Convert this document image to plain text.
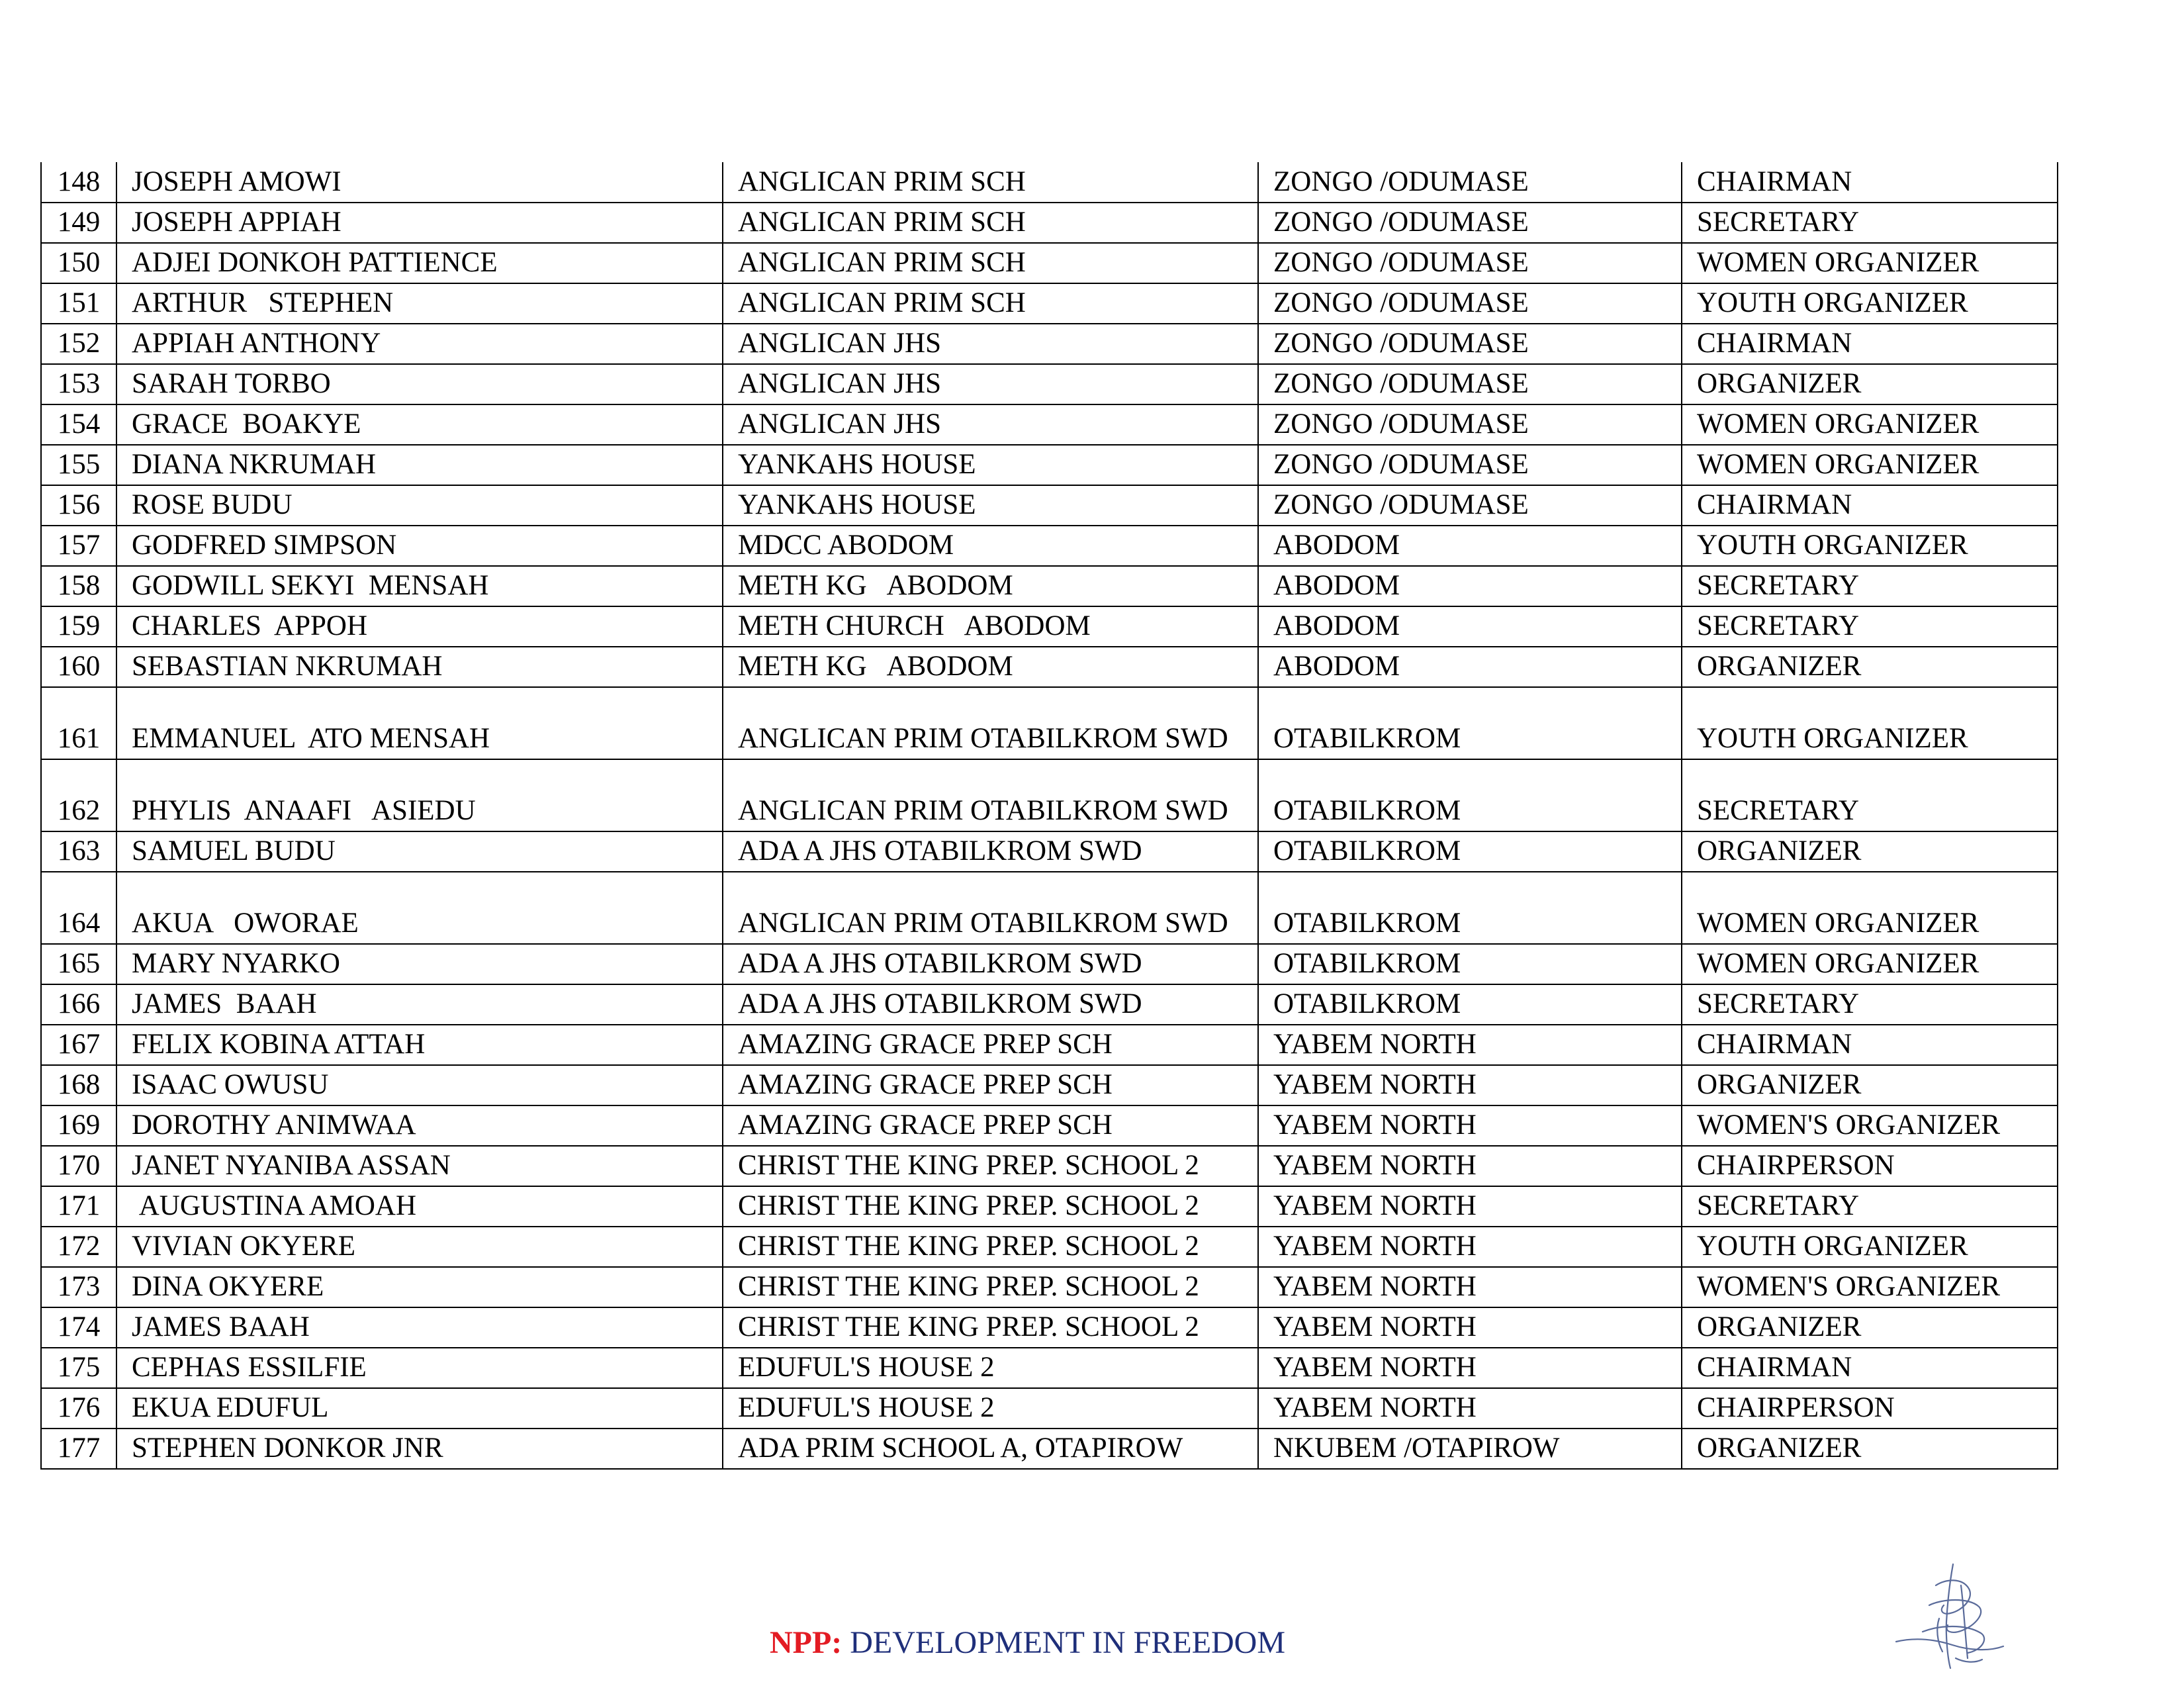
148	JOSEPH AMOWI	ANGLICAN PRIM SCH	ZONGO /ODUMASE	CHAIRMAN
149	JOSEPH APPIAH	ANGLICAN PRIM SCH	ZONGO /ODUMASE	SECRETARY
150	ADJEI DONKOH PATTIENCE	ANGLICAN PRIM SCH	ZONGO /ODUMASE	WOMEN ORGANIZER
151	ARTHUR   STEPHEN	ANGLICAN PRIM SCH	ZONGO /ODUMASE	YOUTH ORGANIZER
152	APPIAH ANTHONY	ANGLICAN JHS	ZONGO /ODUMASE	CHAIRMAN
153	SARAH TORBO	ANGLICAN JHS	ZONGO /ODUMASE	ORGANIZER
154	GRACE  BOAKYE	ANGLICAN JHS	ZONGO /ODUMASE	WOMEN ORGANIZER
155	DIANA NKRUMAH	YANKAHS HOUSE	ZONGO /ODUMASE	WOMEN ORGANIZER
156	ROSE BUDU	YANKAHS HOUSE	ZONGO /ODUMASE	CHAIRMAN
157	GODFRED SIMPSON	MDCC ABODOM	ABODOM	YOUTH ORGANIZER
158	GODWILL SEKYI  MENSAH	METH KG   ABODOM	ABODOM	SECRETARY
159	CHARLES  APPOH	METH CHURCH   ABODOM	ABODOM	SECRETARY
160	SEBASTIAN NKRUMAH	METH KG   ABODOM	ABODOM	ORGANIZER
161	EMMANUEL  ATO MENSAH	ANGLICAN PRIM OTABILKROM SWD	OTABILKROM	YOUTH ORGANIZER
162	PHYLIS  ANAAFI   ASIEDU	ANGLICAN PRIM OTABILKROM SWD	OTABILKROM	SECRETARY
163	SAMUEL BUDU	ADA A JHS OTABILKROM SWD	OTABILKROM	ORGANIZER
164	AKUA   OWORAE	ANGLICAN PRIM OTABILKROM SWD	OTABILKROM	WOMEN ORGANIZER
165	MARY NYARKO	ADA A JHS OTABILKROM SWD	OTABILKROM	WOMEN ORGANIZER
166	JAMES  BAAH	ADA A JHS OTABILKROM SWD	OTABILKROM	SECRETARY
167	FELIX KOBINA ATTAH	AMAZING GRACE PREP SCH	YABEM NORTH	CHAIRMAN
168	ISAAC OWUSU	AMAZING GRACE PREP SCH	YABEM NORTH	ORGANIZER
169	DOROTHY ANIMWAA	AMAZING GRACE PREP SCH	YABEM NORTH	WOMEN'S ORGANIZER
170	JANET NYANIBA ASSAN	CHRIST THE KING PREP. SCHOOL 2	YABEM NORTH	CHAIRPERSON
171	AUGUSTINA AMOAH	CHRIST THE KING PREP. SCHOOL 2	YABEM NORTH	SECRETARY
172	VIVIAN OKYERE	CHRIST THE KING PREP. SCHOOL 2	YABEM NORTH	YOUTH ORGANIZER
173	DINA OKYERE	CHRIST THE KING PREP. SCHOOL 2	YABEM NORTH	WOMEN'S ORGANIZER
174	JAMES BAAH	CHRIST THE KING PREP. SCHOOL 2	YABEM NORTH	ORGANIZER
175	CEPHAS ESSILFIE	EDUFUL'S HOUSE 2	YABEM NORTH	CHAIRMAN
176	EKUA EDUFUL	EDUFUL'S HOUSE 2	YABEM NORTH	CHAIRPERSON
177	STEPHEN DONKOR JNR	ADA PRIM SCHOOL A, OTAPIROW	NKUBEM /OTAPIROW	ORGANIZER
NPP: DEVELOPMENT IN FREEDOM
